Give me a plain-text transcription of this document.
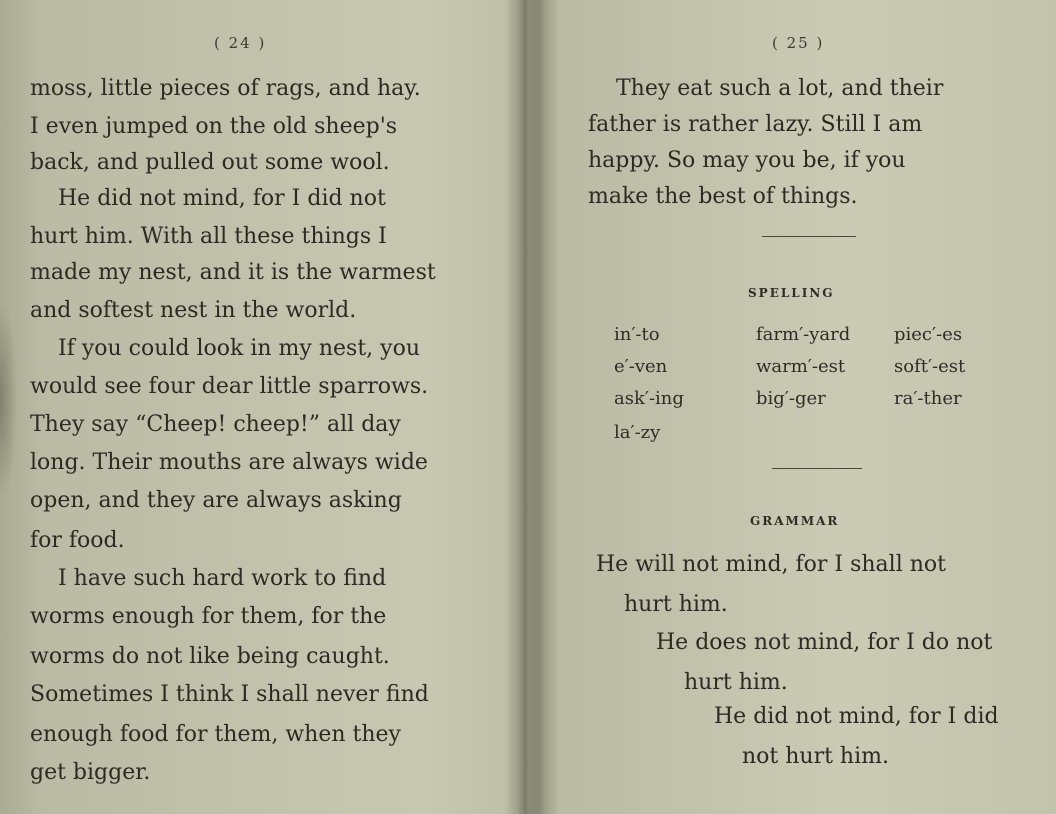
( 24 )
moss, little pieces of rags, and hay.
I even jumped on the old sheep's
back, and pulled out some wool.
He did not mind, for I did not
hurt him. With all these things I
made my nest, and it is the warmest
and softest nest in the world.
If you could look in my nest, you
would see four dear little sparrows.
They say “Cheep! cheep!” all day
long. Their mouths are always wide
open, and they are always asking
for food.
I have such hard work to find
worms enough for them, for the
worms do not like being caught.
Sometimes I think I shall never find
enough food for them, when they
get bigger.
( 25 )
They eat such a lot, and their
father is rather lazy. Still I am
happy. So may you be, if you
make the best of things.
SPELLING
in′-to	farm′-yard piec′-es
e′-ven	warm′-est	soft′-est
ask′-ing	big′-ger	ra′-ther
la′-zy
GRAMMAR
He will not mind, for I shall not
hurt him.
He does not mind, for I do not
hurt him.
He did not mind, for I did
not hurt him.
